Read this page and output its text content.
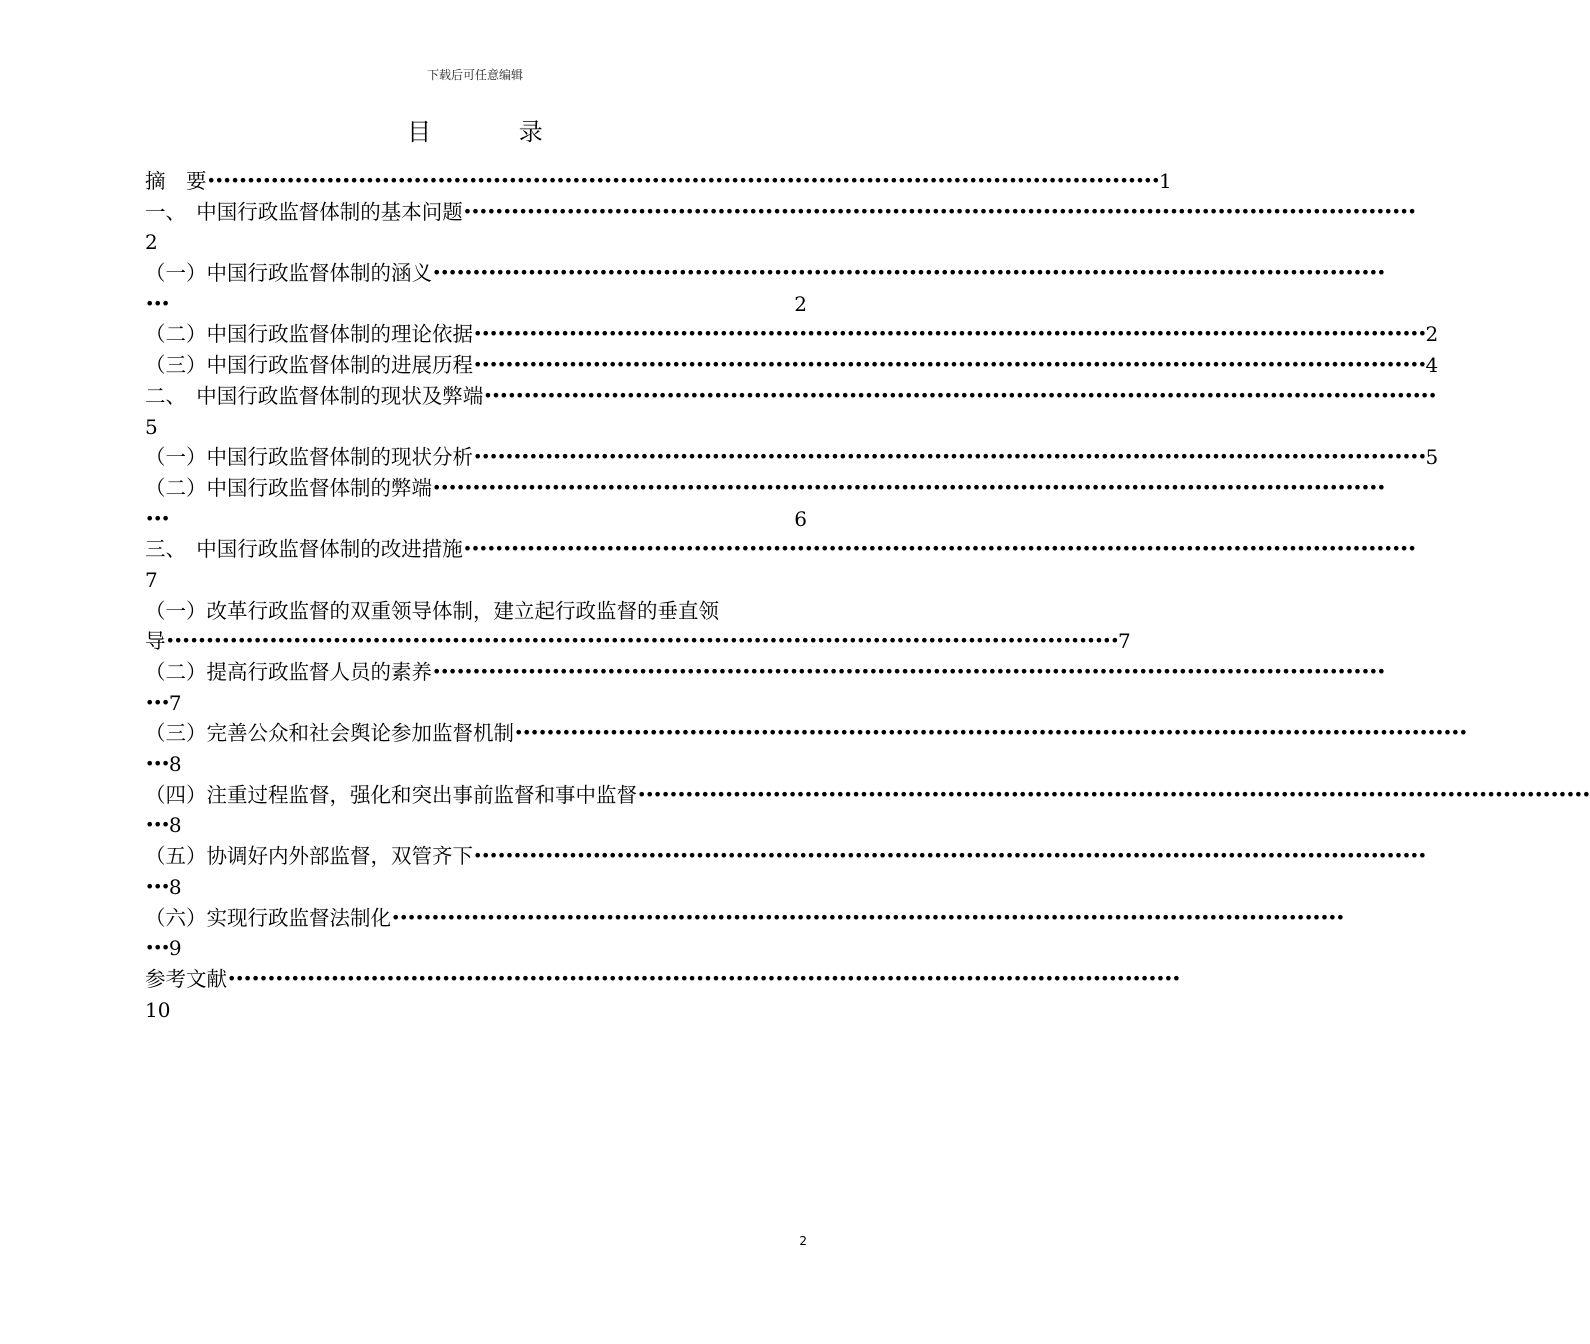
下载后可任意编辑
目 录
摘　要 •••••••••••••••••••••••••••••••••••••••••••••••••••••••••••••••••••••••••••••••••••••••••••••••••••••••••••••••••••••••• 1
一、　中国行政监督体制的基本问题 ••••••••••••••••••••••••••••••••••••••••••••••••••••••••••••••••••••••••••••••••••••••••••••••••••••••••••••••••••••••••
2
（一）中国行政监督体制的涵义 ••••••••••••••••••••••••••••••••••••••••••••••••••••••••••••••••••••••••••••••••••••••••••••••••••••••••••••••••••••••••
•••	2
（二）中国行政监督体制的理论依据 •••••••••••••••••••••••••••••••••••••••••••••••••••••••••••••••••••••••••••••••••••••••••••••••••••••••••••••••••••••••• 2
（三）中国行政监督体制的进展历程 •••••••••••••••••••••••••••••••••••••••••••••••••••••••••••••••••••••••••••••••••••••••••••••••••••••••••••••••••••••••• 4
二、　中国行政监督体制的现状及弊端 ••••••••••••••••••••••••••••••••••••••••••••••••••••••••••••••••••••••••••••••••••••••••••••••••••••••••••••••••••••••••
5
（一）中国行政监督体制的现状分析 •••••••••••••••••••••••••••••••••••••••••••••••••••••••••••••••••••••••••••••••••••••••••••••••••••••••••••••••••••••••• 5
（二）中国行政监督体制的弊端 ••••••••••••••••••••••••••••••••••••••••••••••••••••••••••••••••••••••••••••••••••••••••••••••••••••••••••••••••••••••••
•••	6
三、　中国行政监督体制的改进措施 ••••••••••••••••••••••••••••••••••••••••••••••••••••••••••••••••••••••••••••••••••••••••••••••••••••••••••••••••••••••••
7
（一）改革行政监督的双重领导体制，建立起行政监督的垂直领
导 •••••••••••••••••••••••••••••••••••••••••••••••••••••••••••••••••••••••••••••••••••••••••••••••••••••••••••••••••••••••• 7
（二）提高行政监督人员的素养 ••••••••••••••••••••••••••••••••••••••••••••••••••••••••••••••••••••••••••••••••••••••••••••••••••••••••••••••••••••••••
••• 7
（三）完善公众和社会舆论参加监督机制 ••••••••••••••••••••••••••••••••••••••••••••••••••••••••••••••••••••••••••••••••••••••••••••••••••••••••••••••••••••••••
••• 8
（四）注重过程监督，强化和突出事前监督和事中监督 ••••••••••••••••••••••••••••••••••••••••••••••••••••••••••••••••••••••••••••••••••••••••••••••••••••••••••••••••••••••••
••• 8
（五）协调好内外部监督，双管齐下 ••••••••••••••••••••••••••••••••••••••••••••••••••••••••••••••••••••••••••••••••••••••••••••••••••••••••••••••••••••••••
••• 8
（六）实现行政监督法制化 ••••••••••••••••••••••••••••••••••••••••••••••••••••••••••••••••••••••••••••••••••••••••••••••••••••••••••••••••••••••••
••• 9
参考文献 ••••••••••••••••••••••••••••••••••••••••••••••••••••••••••••••••••••••••••••••••••••••••••••••••••••••••••••••••••••••••
10
2
